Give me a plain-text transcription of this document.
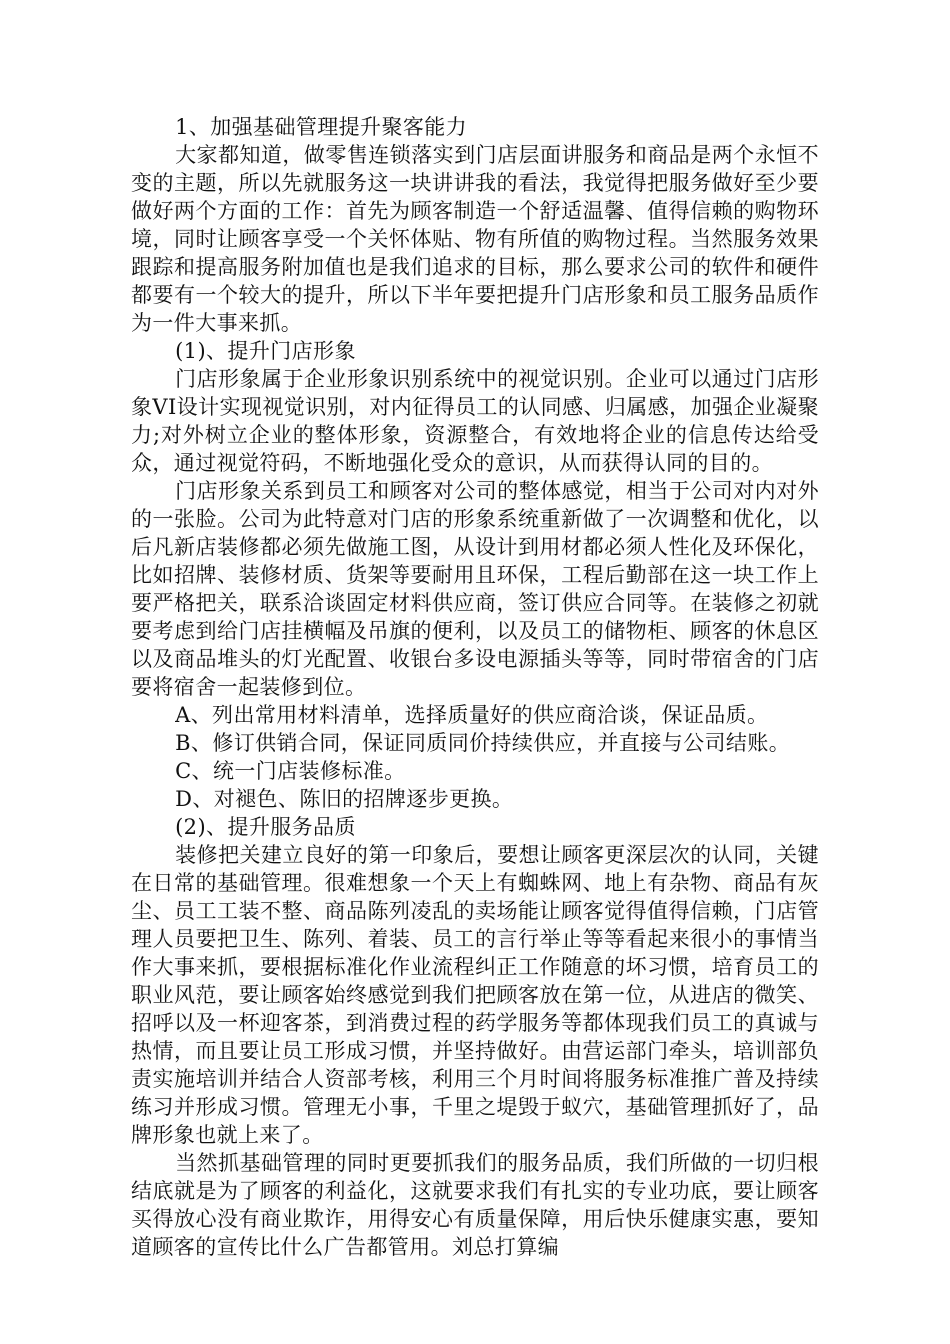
1、加强基础管理提升聚客能力

大家都知道，做零售连锁落实到门店层面讲服务和商品是两个永恒不变的主题，所以先就服务这一块讲讲我的看法，我觉得把服务做好至少要做好两个方面的工作：首先为顾客制造一个舒适温馨、值得信赖的购物环境，同时让顾客享受一个关怀体贴、物有所值的购物过程。当然服务效果跟踪和提高服务附加值也是我们追求的目标，那么要求公司的软件和硬件都要有一个较大的提升，所以下半年要把提升门店形象和员工服务品质作为一件大事来抓。

(1)、提升门店形象

门店形象属于企业形象识别系统中的视觉识别。企业可以通过门店形象VI设计实现视觉识别，对内征得员工的认同感、归属感，加强企业凝聚力;对外树立企业的整体形象，资源整合，有效地将企业的信息传达给受众，通过视觉符码，不断地强化受众的意识，从而获得认同的目的。

门店形象关系到员工和顾客对公司的整体感觉，相当于公司对内对外的一张脸。公司为此特意对门店的形象系统重新做了一次调整和优化，以后凡新店装修都必须先做施工图，从设计到用材都必须人性化及环保化，比如招牌、装修材质、货架等要耐用且环保，工程后勤部在这一块工作上要严格把关，联系洽谈固定材料供应商，签订供应合同等。在装修之初就要考虑到给门店挂横幅及吊旗的便利，以及员工的储物柜、顾客的休息区以及商品堆头的灯光配置、收银台多设电源插头等等，同时带宿舍的门店要将宿舍一起装修到位。

A、列出常用材料清单，选择质量好的供应商洽谈，保证品质。

B、修订供销合同，保证同质同价持续供应，并直接与公司结账。

C、统一门店装修标准。

D、对褪色、陈旧的招牌逐步更换。

(2)、提升服务品质

装修把关建立良好的第一印象后，要想让顾客更深层次的认同，关键在日常的基础管理。很难想象一个天上有蜘蛛网、地上有杂物、商品有灰尘、员工工装不整、商品陈列凌乱的卖场能让顾客觉得值得信赖，门店管理人员要把卫生、陈列、着装、员工的言行举止等等看起来很小的事情当作大事来抓，要根据标准化作业流程纠正工作随意的坏习惯，培育员工的职业风范，要让顾客始终感觉到我们把顾客放在第一位，从进店的微笑、招呼以及一杯迎客茶，到消费过程的药学服务等都体现我们员工的真诚与热情，而且要让员工形成习惯，并坚持做好。由营运部门牵头，培训部负责实施培训并结合人资部考核，利用三个月时间将服务标准推广普及持续练习并形成习惯。管理无小事，千里之堤毁于蚁穴，基础管理抓好了，品牌形象也就上来了。

当然抓基础管理的同时更要抓我们的服务品质，我们所做的一切归根结底就是为了顾客的利益化，这就要求我们有扎实的专业功底，要让顾客买得放心没有商业欺诈，用得安心有质量保障，用后快乐健康实惠，要知道顾客的宣传比什么广告都管用。刘总打算编
